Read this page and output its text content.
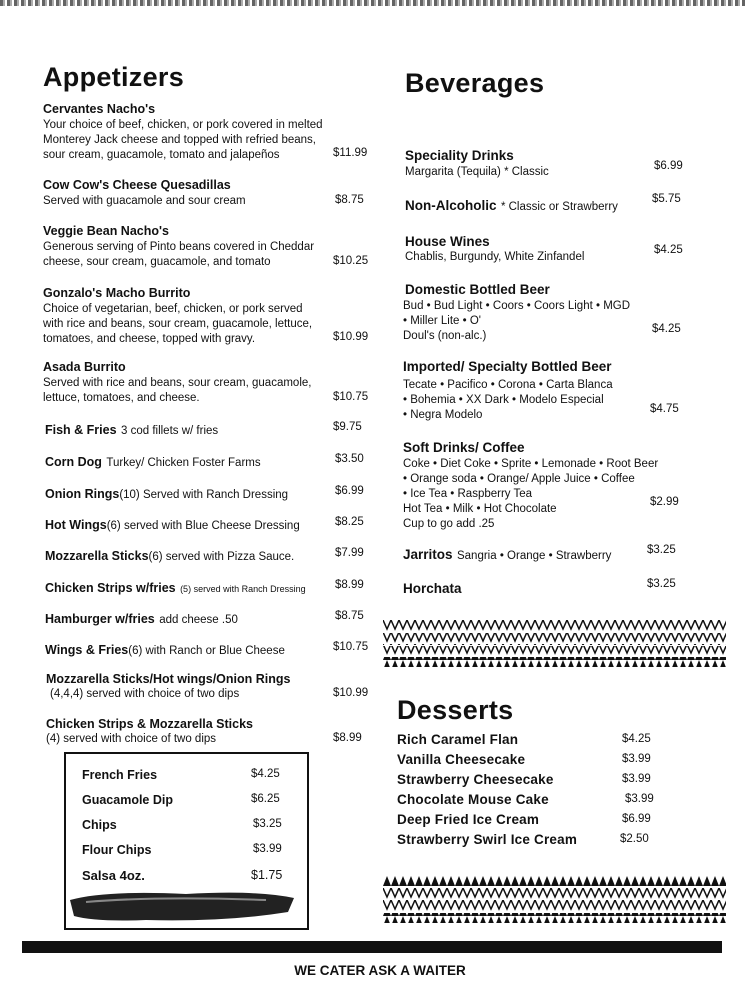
Appetizers
Cervantes Nacho's
Your choice of beef, chicken, or pork covered in melted
Monterey Jack cheese and topped with refried beans,
sour cream, guacamole, tomato and jalapeños	$11.99
Cow Cow's Cheese Quesadillas
Served with guacamole and sour cream	$8.75
Veggie Bean Nacho's
Generous serving of Pinto beans covered in Cheddar
cheese, sour cream, guacamole, and tomato	$10.25
Gonzalo's Macho Burrito
Choice of vegetarian, beef, chicken, or pork served
with rice and beans, sour cream, guacamole, lettuce,
tomatoes, and cheese, topped with gravy.	$10.99
Asada Burrito
Served with rice and beans, sour cream, guacamole,
lettuce, tomatoes, and cheese.	$10.75
Fish & Fries 3 cod fillets w/ fries	$9.75
Corn Dog Turkey/ Chicken Foster Farms	$3.50
Onion Rings(10) Served with Ranch Dressing	$6.99
Hot Wings(6) served with Blue Cheese Dressing	$8.25
Mozzarella Sticks(6) served with Pizza Sauce.	$7.99
Chicken Strips w/fries (5) served with Ranch Dressing	$8.99
Hamburger w/fries add cheese .50	$8.75
Wings & Fries(6) with Ranch or Blue Cheese	$10.75
Mozzarella Sticks/Hot wings/Onion Rings
(4,4,4) served with choice of two dips	$10.99
Chicken Strips & Mozzarella Sticks
(4) served with choice of two dips	$8.99
French Fries	$4.25
Guacamole Dip	$6.25
Chips	$3.25
Flour Chips	$3.99
Salsa 4oz.	$1.75
Beverages
Speciality Drinks
Margarita (Tequila) * Classic	$6.99
Non-Alcoholic * Classic or Strawberry
$5.75
House Wines
Chablis, Burgundy, White Zinfandel
$4.25
Domestic Bottled Beer
Bud • Bud Light • Coors • Coors Light • MGD
• Miller Lite • O'
Doul's (non-alc.)
$4.25
Imported/ Specialty Bottled Beer
Tecate • Pacifico • Corona • Carta Blanca
• Bohemia • XX Dark • Modelo Especial
• Negra Modelo	$4.75
Soft Drinks/ Coffee
Coke • Diet Coke • Sprite • Lemonade • Root Beer
• Orange soda • Orange/ Apple Juice • Coffee
• Ice Tea • Raspberry Tea
Hot Tea • Milk • Hot Chocolate
Cup to go add .25
$2.99
Jarritos Sangria • Orange • Strawberry	$3.25
Horchata	$3.25
Desserts
Rich Caramel Flan	$4.25
Vanilla Cheesecake	$3.99
Strawberry Cheesecake	$3.99
Chocolate Mouse Cake	$3.99
Deep Fried Ice Cream	$6.99
Strawberry Swirl Ice Cream	$2.50
WE CATER ASK A WAITER
